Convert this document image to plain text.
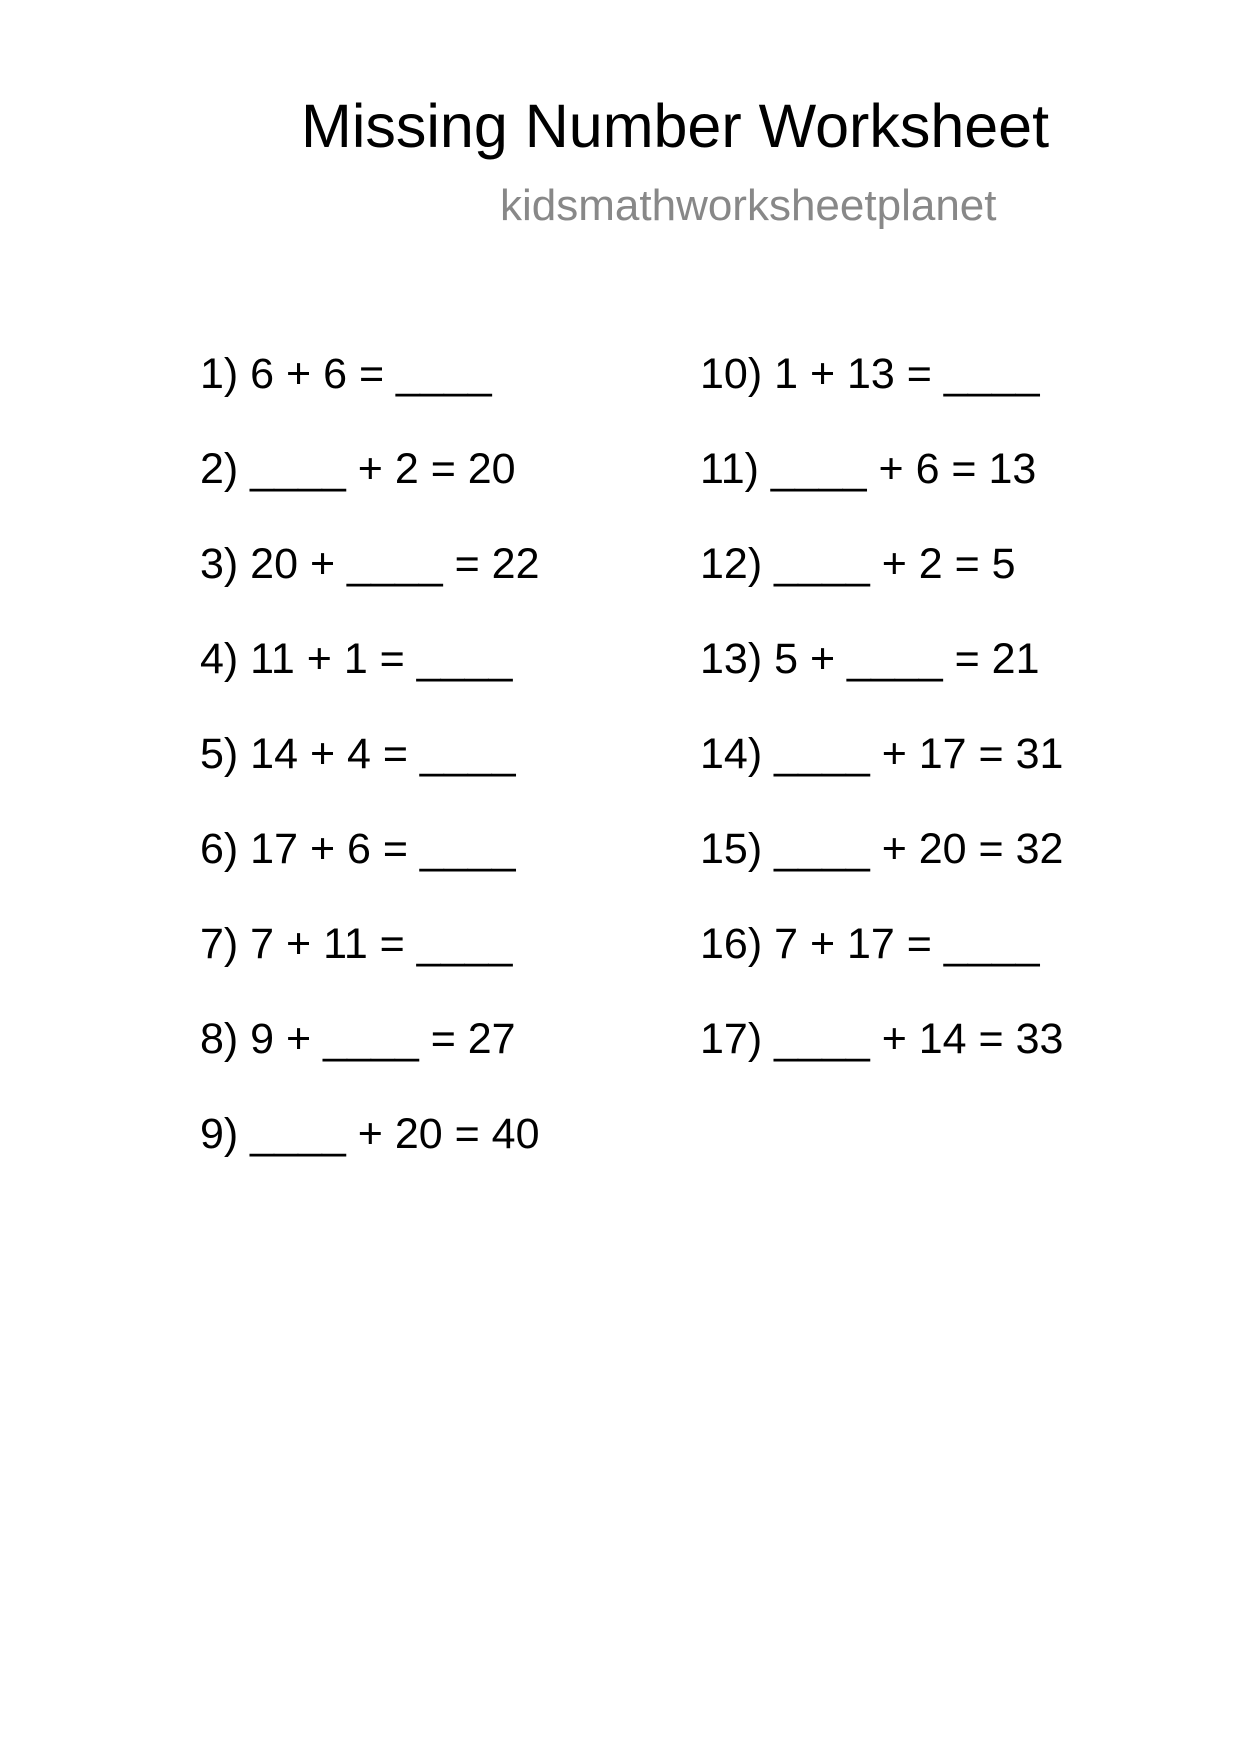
Missing Number Worksheet
kidsmathworksheetplanet
1) 6 + 6 = ____
2) ____ + 2 = 20
3) 20 + ____ = 22
4) 11 + 1 = ____
5) 14 + 4 = ____
6) 17 + 6 = ____
7) 7 + 11 = ____
8) 9 + ____ = 27
9) ____ + 20 = 40
10) 1 + 13 = ____
11) ____ + 6 = 13
12) ____ + 2 = 5
13) 5 + ____ = 21
14) ____ + 17 = 31
15) ____ + 20 = 32
16) 7 + 17 = ____
17) ____ + 14 = 33
